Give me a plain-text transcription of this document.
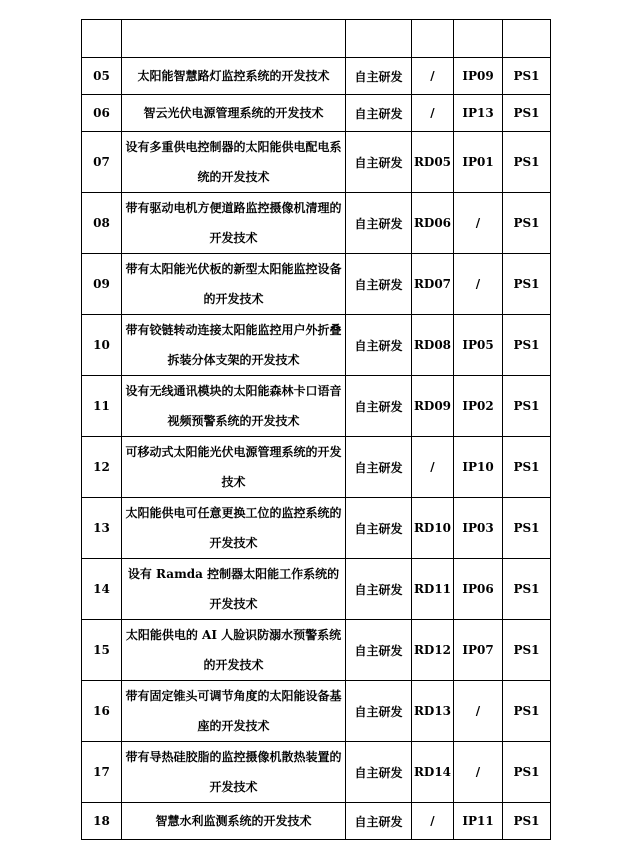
05	太阳能智慧路灯监控系统的开发技术	自主研发	/	IP09	PS1
06	智云光伏电源管理系统的开发技术	自主研发	/	IP13	PS1
07	设有多重供电控制器的太阳能供电配电系统的开发技术	自主研发	RD05	IP01	PS1
08	带有驱动电机方便道路监控摄像机清理的开发技术	自主研发	RD06	/	PS1
09	带有太阳能光伏板的新型太阳能监控设备的开发技术	自主研发	RD07	/	PS1
10	带有铰链转动连接太阳能监控用户外折叠拆装分体支架的开发技术	自主研发	RD08	IP05	PS1
11	设有无线通讯模块的太阳能森林卡口语音视频预警系统的开发技术	自主研发	RD09	IP02	PS1
12	可移动式太阳能光伏电源管理系统的开发技术	自主研发	/	IP10	PS1
13	太阳能供电可任意更换工位的监控系统的开发技术	自主研发	RD10	IP03	PS1
14	设有 Ramda 控制器太阳能工作系统的开发技术	自主研发	RD11	IP06	PS1
15	太阳能供电的 AI 人脸识防溺水预警系统的开发技术	自主研发	RD12	IP07	PS1
16	带有固定锥头可调节角度的太阳能设备基座的开发技术	自主研发	RD13	/	PS1
17	带有导热硅胶脂的监控摄像机散热装置的开发技术	自主研发	RD14	/	PS1
18	智慧水利监测系统的开发技术	自主研发	/	IP11	PS1
